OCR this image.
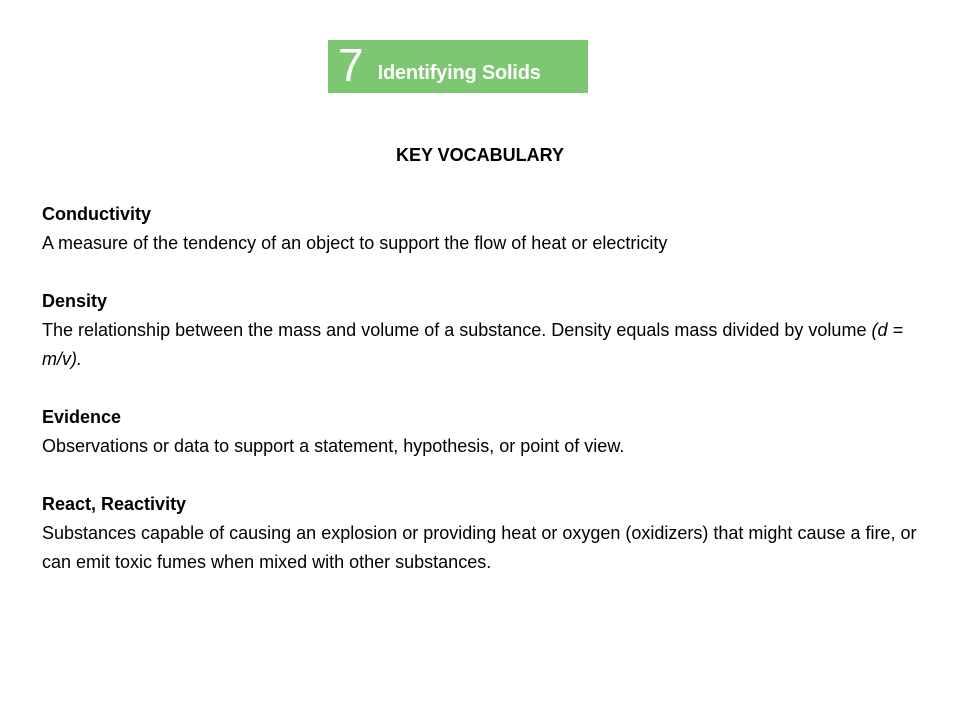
7 Identifying Solids
KEY VOCABULARY
Conductivity
A measure of the tendency of an object to support the flow of heat or electricity
Density
The relationship between the mass and volume of a substance. Density equals mass divided by volume (d = m/v).
Evidence
Observations or data to support a statement, hypothesis, or point of view.
React, Reactivity
Substances capable of causing an explosion or providing heat or oxygen (oxidizers) that might cause a fire, or can emit toxic fumes when mixed with other substances.
